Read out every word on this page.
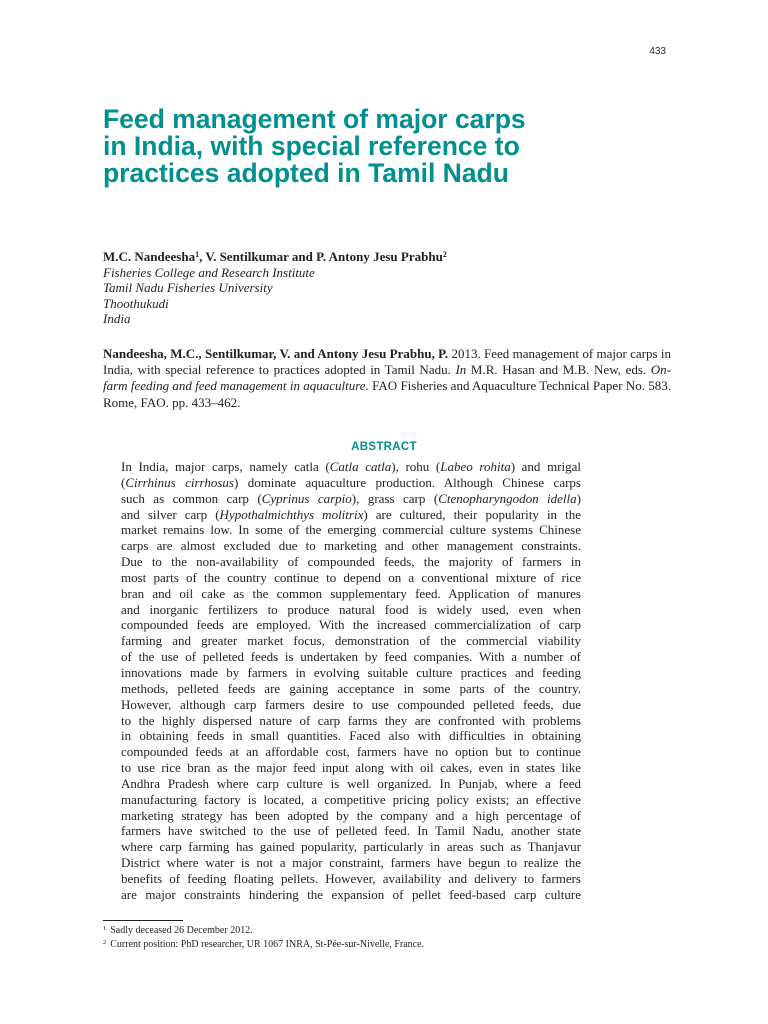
433
Feed management of major carps
in India, with special reference to
practices adopted in Tamil Nadu
M.C. Nandeesha$^1$, V. Sentilkumar and P. Antony Jesu Prabhu$^2$
Fisheries College and Research Institute
Tamil Nadu Fisheries University
Thoothukudi
India
Nandeesha, M.C., Sentilkumar, V. and Antony Jesu Prabhu, P. 2013. Feed management of major carps in India, with special reference to practices adopted in Tamil Nadu. In M.R. Hasan and M.B. New, eds. On-farm feeding and feed management in aquaculture. FAO Fisheries and Aquaculture Technical Paper No. 583. Rome, FAO. pp. 433–462.
ABSTRACT
In India, major carps, namely catla (Catla catla), rohu (Labeo rohita) and mrigal
(Cirrhinus cirrhosus) dominate aquaculture production. Although Chinese carps
such as common carp (Cyprinus carpio), grass carp (Ctenopharyngodon idella)
and silver carp (Hypothalmichthys molitrix) are cultured, their popularity in the
market remains low. In some of the emerging commercial culture systems Chinese
carps are almost excluded due to marketing and other management constraints.
Due to the non-availability of compounded feeds, the majority of farmers in
most parts of the country continue to depend on a conventional mixture of rice
bran and oil cake as the common supplementary feed. Application of manures
and inorganic fertilizers to produce natural food is widely used, even when
compounded feeds are employed. With the increased commercialization of carp
farming and greater market focus, demonstration of the commercial viability
of the use of pelleted feeds is undertaken by feed companies. With a number of
innovations made by farmers in evolving suitable culture practices and feeding
methods, pelleted feeds are gaining acceptance in some parts of the country.
However, although carp farmers desire to use compounded pelleted feeds, due
to the highly dispersed nature of carp farms they are confronted with problems
in obtaining feeds in small quantities. Faced also with difficulties in obtaining
compounded feeds at an affordable cost, farmers have no option but to continue
to use rice bran as the major feed input along with oil cakes, even in states like
Andhra Pradesh where carp culture is well organized. In Punjab, where a feed
manufacturing factory is located, a competitive pricing policy exists; an effective
marketing strategy has been adopted by the company and a high percentage of
farmers have switched to the use of pelleted feed. In Tamil Nadu, another state
where carp farming has gained popularity, particularly in areas such as Thanjavur
District where water is not a major constraint, farmers have begun to realize the
benefits of feeding floating pellets. However, availability and delivery to farmers
are major constraints hindering the expansion of pellet feed-based carp culture
$^1$ Sadly deceased 26 December 2012.
$^2$ Current position: PhD researcher, UR 1067 INRA, St-Pée-sur-Nivelle, France.
